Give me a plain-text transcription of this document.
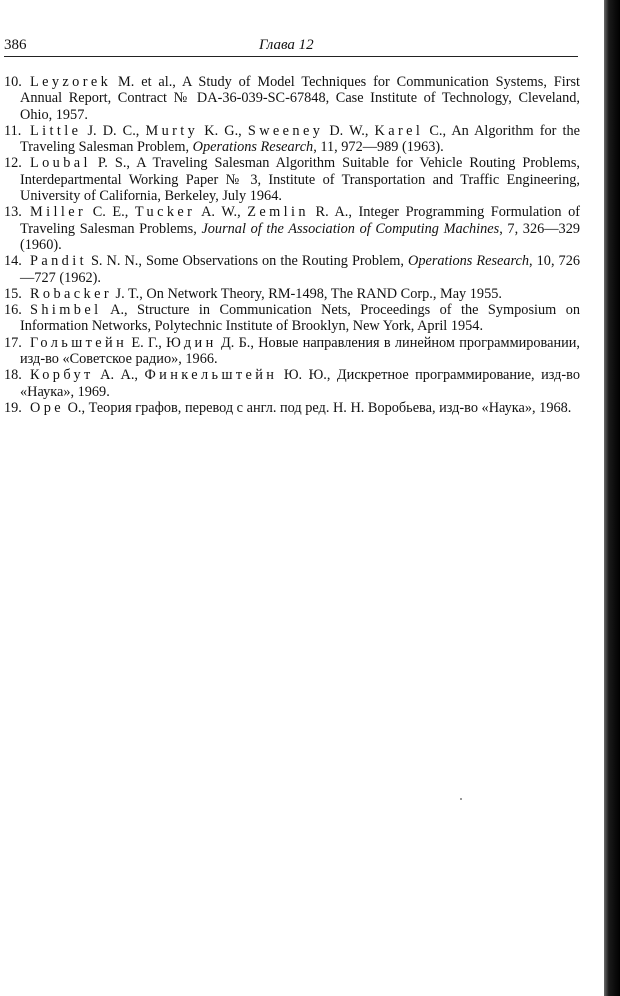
386	Глава 12

10. Leyzorek M. et al., A Study of Model Techniques for Communication Systems, First Annual Report, Contract № DA-36-039-SC-67848, Case Institute of Technology, Cleveland, Ohio, 1957.

11. Little J. D. C., Murty K. G., Sweeney D. W., Karel C., An Algorithm for the Traveling Salesman Problem, Operations Research, 11, 972—989 (1963).

12. Loubal P. S., A Traveling Salesman Algorithm Suitable for Vehicle Routing Problems, Interdepartmental Working Paper № 3, Institute of Transportation and Traffic Engineering, University of California, Berkeley, July 1964.

13. Miller C. E., Tucker A. W., Zemlin R. A., Integer Programming Formulation of Traveling Salesman Problems, Journal of the Association of Computing Machines, 7, 326—329 (1960).

14. Pandit S. N. N., Some Observations on the Routing Problem, Operations Research, 10, 726—727 (1962).

15. Robacker J. T., On Network Theory, RM-1498, The RAND Corp., May 1955.

16. Shimbel A., Structure in Communication Nets, Proceedings of the Symposium on Information Networks, Polytechnic Institute of Brooklyn, New York, April 1954.

17. Гольштейн Е. Г., Юдин Д. Б., Новые направления в линейном программировании, изд-во «Советское радио», 1966.

18. Корбут А. А., Финкельштейн Ю. Ю., Дискретное программирование, изд-во «Наука», 1969.

19. Оре О., Теория графов, перевод с англ. под ред. Н. Н. Воробьева, изд-во «Наука», 1968.
